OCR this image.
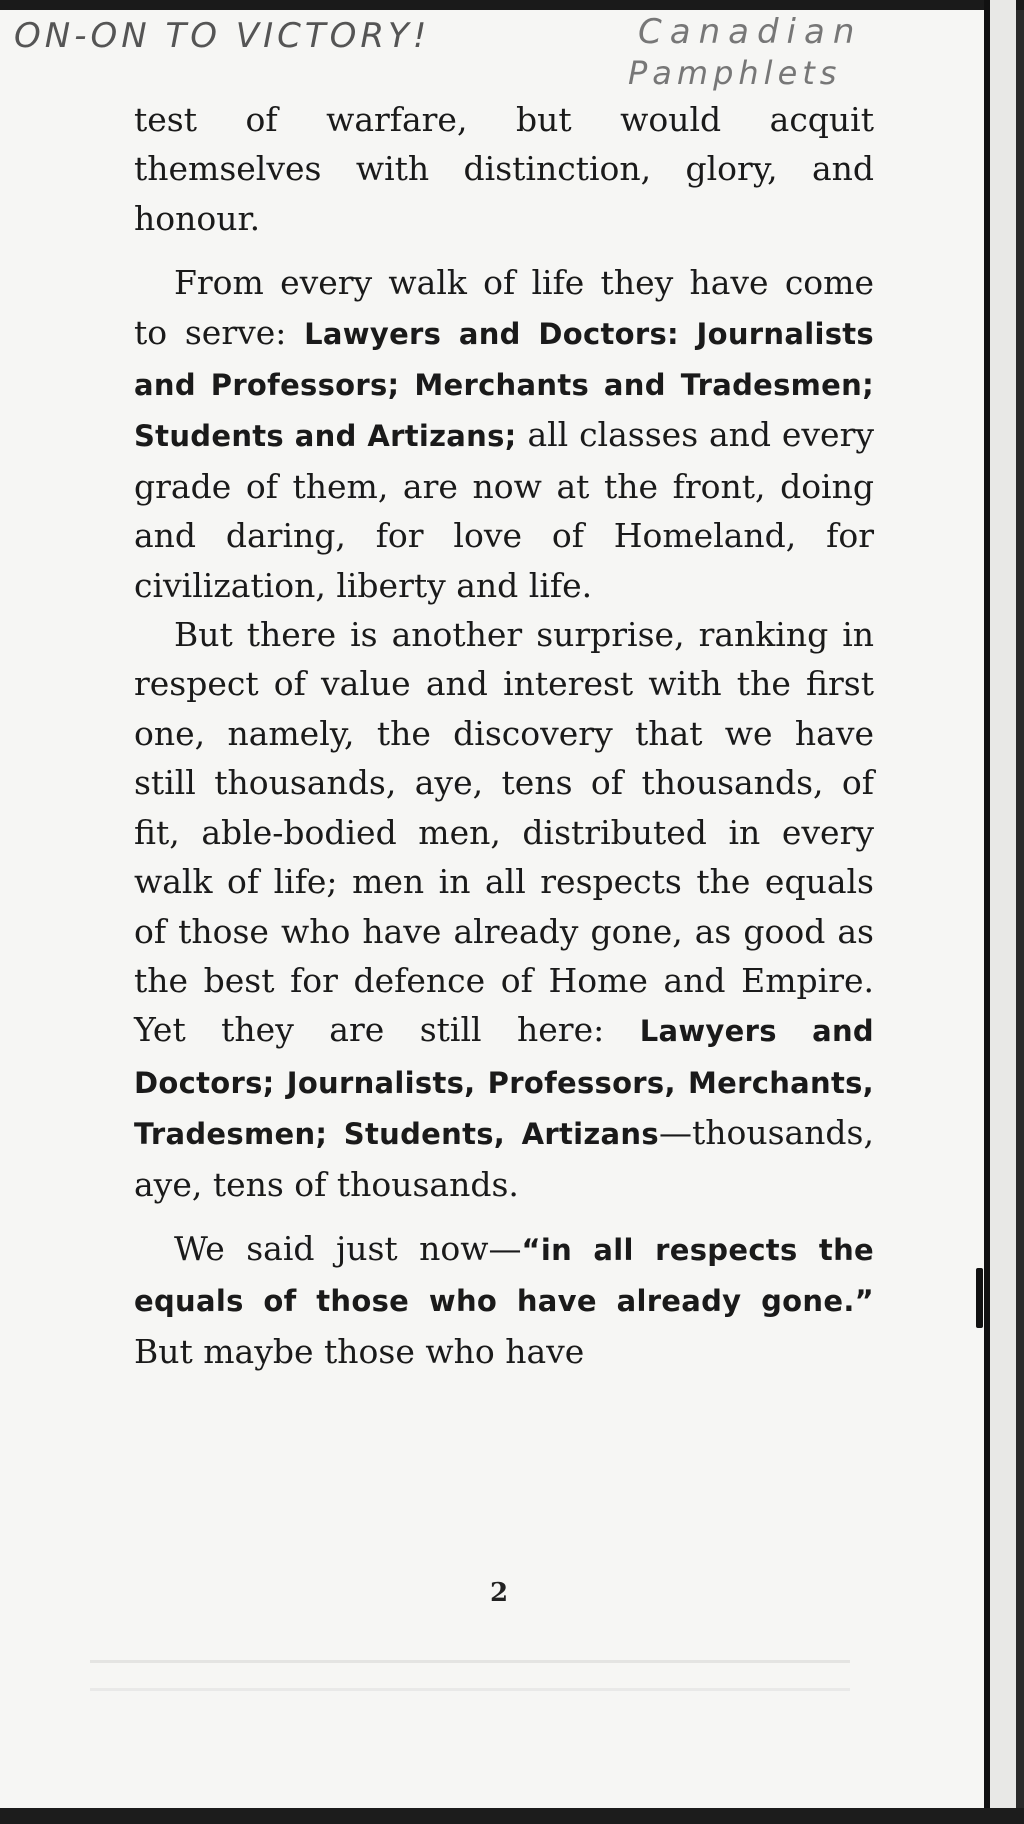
ON-ON TO VICTORY!	Canadian
Pamphlets

test of warfare, but would acquit themselves with distinction, glory, and honour.

From every walk of life they have come to serve: Lawyers and Doctors: Journalists and Professors; Merchants and Tradesmen; Students and Artizans; all classes and every grade of them, are now at the front, doing and daring, for love of Homeland, for civilization, liberty and life.

But there is another surprise, ranking in respect of value and interest with the first one, namely, the discovery that we have still thousands, aye, tens of thousands, of fit, able-bodied men, distributed in every walk of life; men in all respects the equals of those who have already gone, as good as the best for defence of Home and Empire. Yet they are still here: Lawyers and Doctors; Journalists, Professors, Merchants, Tradesmen; Students, Artizans—thousands, aye, tens of thousands.

We said just now—“in all respects the equals of those who have already gone.” But maybe those who have

2
